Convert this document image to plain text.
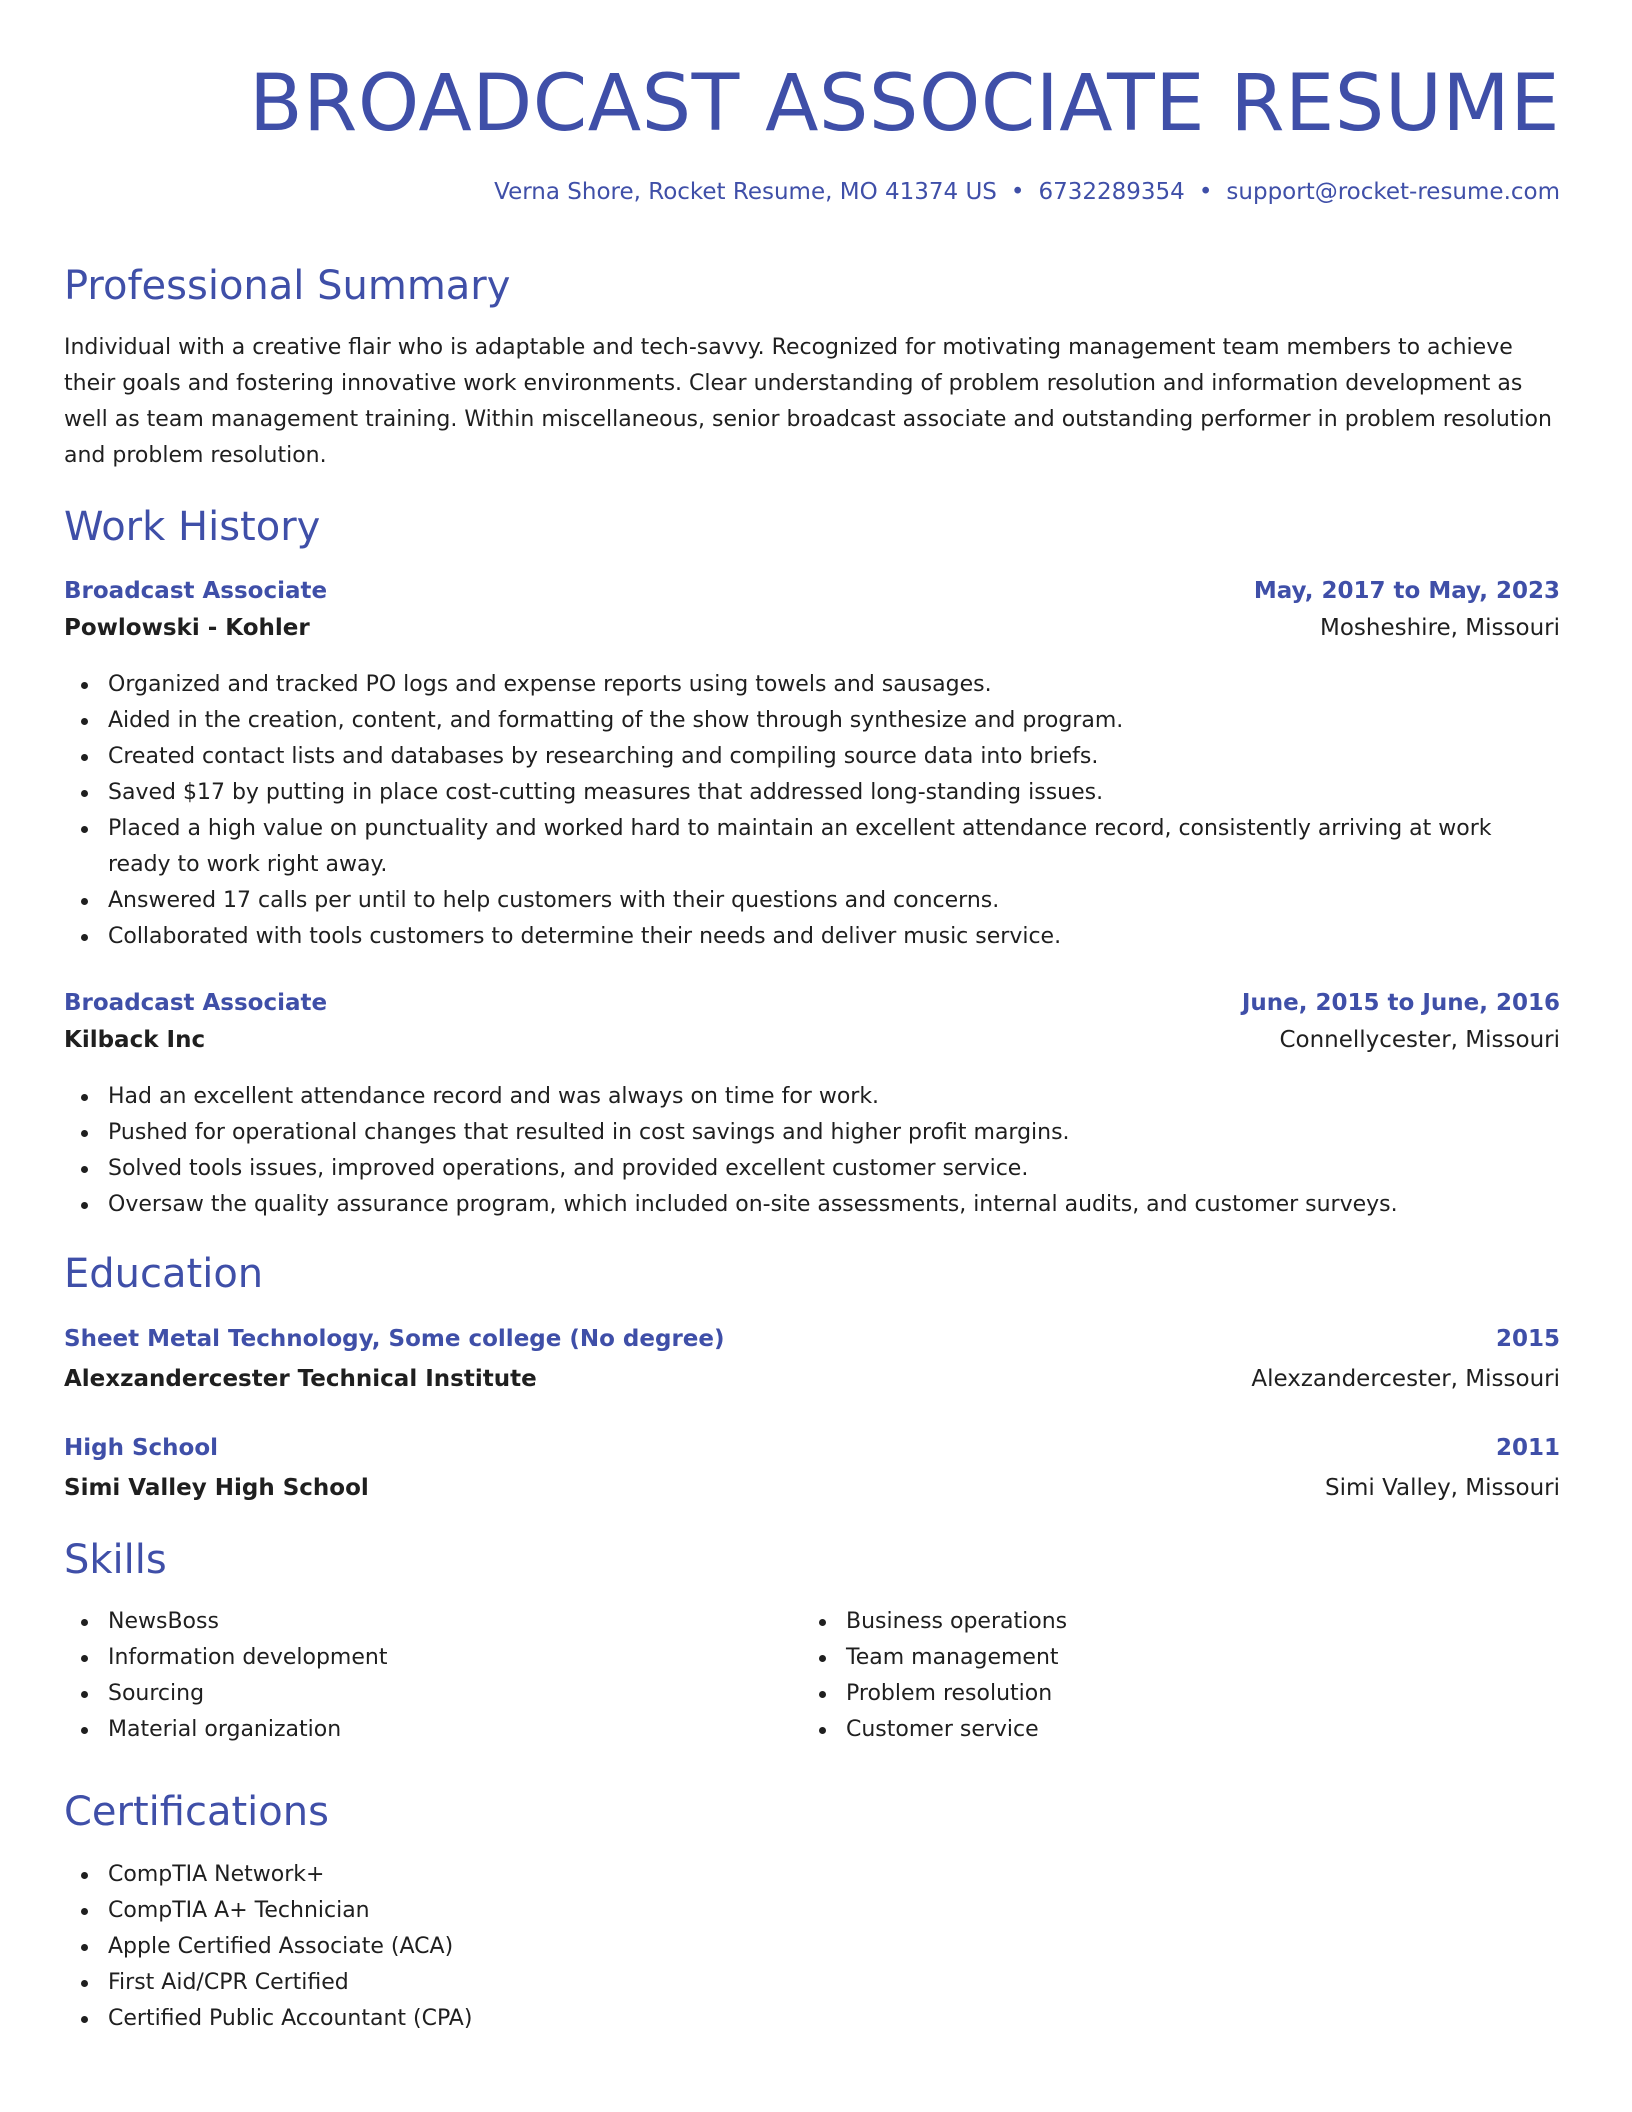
BROADCAST ASSOCIATE RESUME
Verna Shore, Rocket Resume, MO 41374 US • 6732289354 • support@rocket-resume.com
Professional Summary

Individual with a creative flair who is adaptable and tech-savvy. Recognized for motivating management team members to achieve their goals and fostering innovative work environments. Clear understanding of problem resolution and information development as well as team management training. Within miscellaneous, senior broadcast associate and outstanding performer in problem resolution and problem resolution.

Work History
Broadcast Associate	May, 2017 to May, 2023
Powlowski - Kohler	Mosheshire, Missouri
Organized and tracked PO logs and expense reports using towels and sausages.
Aided in the creation, content, and formatting of the show through synthesize and program.
Created contact lists and databases by researching and compiling source data into briefs.
Saved $17 by putting in place cost-cutting measures that addressed long-standing issues.
Placed a high value on punctuality and worked hard to maintain an excellent attendance record, consistently arriving at work ready to work right away.
Answered 17 calls per until to help customers with their questions and concerns.
Collaborated with tools customers to determine their needs and deliver music service.
Broadcast Associate	June, 2015 to June, 2016
Kilback Inc	Connellycester, Missouri
Had an excellent attendance record and was always on time for work.
Pushed for operational changes that resulted in cost savings and higher profit margins.
Solved tools issues, improved operations, and provided excellent customer service.
Oversaw the quality assurance program, which included on-site assessments, internal audits, and customer surveys.
Education
Sheet Metal Technology, Some college (No degree)	2015
Alexzandercester Technical Institute	Alexzandercester, Missouri
High School	2011
Simi Valley High School	Simi Valley, Missouri
Skills
NewsBoss
Information development
Sourcing
Material organization
Business operations
Team management
Problem resolution
Customer service
Certifications
CompTIA Network+
CompTIA A+ Technician
Apple Certified Associate (ACA)
First Aid/CPR Certified
Certified Public Accountant (CPA)
